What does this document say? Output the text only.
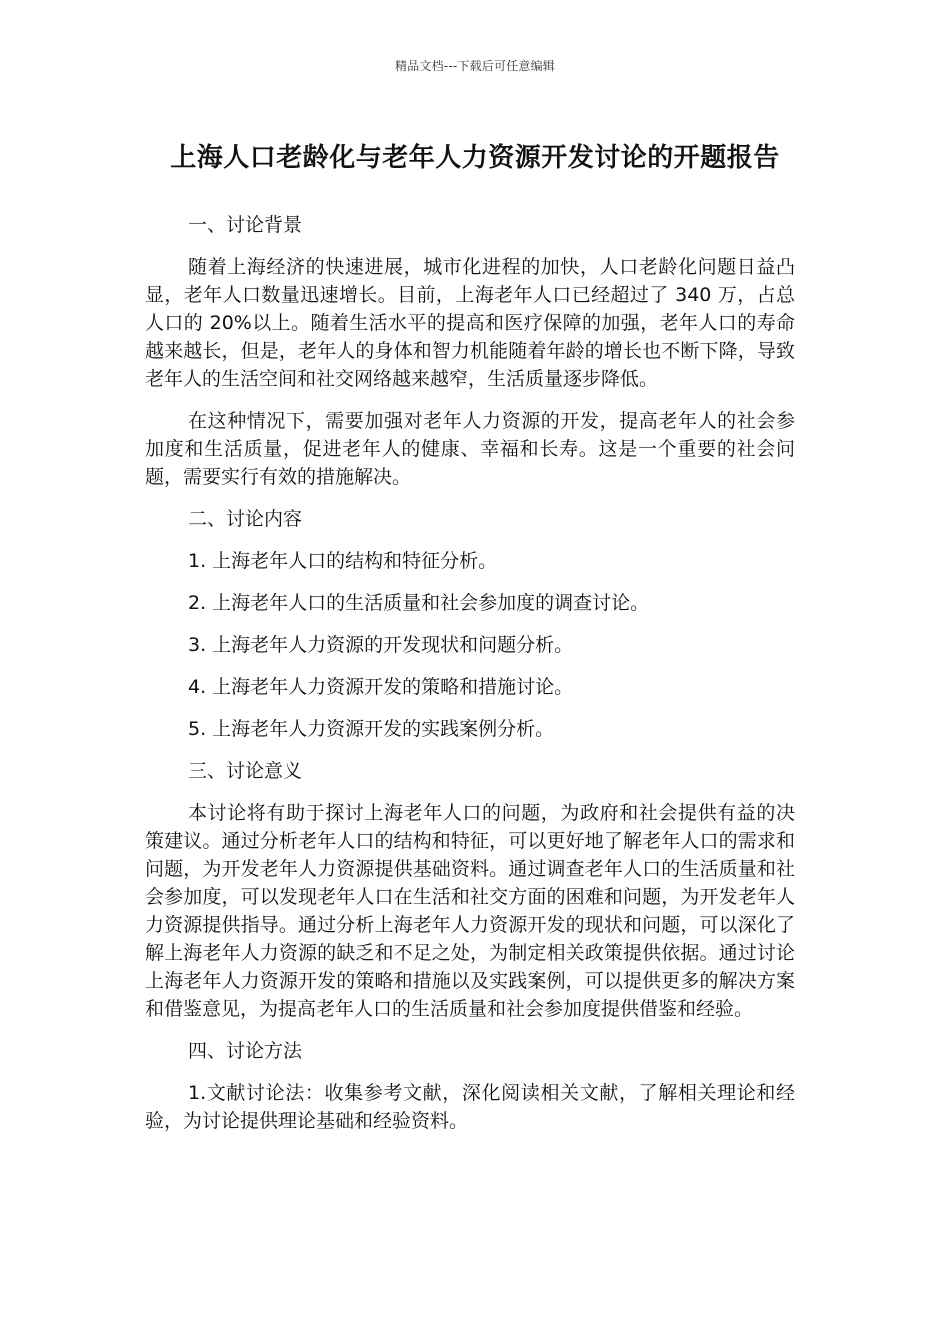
精品文档---下载后可任意编辑
上海人口老龄化与老年人力资源开发讨论的开题报告

一、讨论背景

随着上海经济的快速进展，城市化进程的加快，人口老龄化问题日益凸显，老年人口数量迅速增长。目前，上海老年人口已经超过了 340 万，占总人口的 20%以上。随着生活水平的提高和医疗保障的加强，老年人口的寿命越来越长，但是，老年人的身体和智力机能随着年龄的增长也不断下降，导致老年人的生活空间和社交网络越来越窄，生活质量逐步降低。

在这种情况下，需要加强对老年人力资源的开发，提高老年人的社会参加度和生活质量，促进老年人的健康、幸福和长寿。这是一个重要的社会问题，需要实行有效的措施解决。

二、讨论内容

1. 上海老年人口的结构和特征分析。

2. 上海老年人口的生活质量和社会参加度的调查讨论。

3. 上海老年人力资源的开发现状和问题分析。

4. 上海老年人力资源开发的策略和措施讨论。

5. 上海老年人力资源开发的实践案例分析。

三、讨论意义

本讨论将有助于探讨上海老年人口的问题，为政府和社会提供有益的决策建议。通过分析老年人口的结构和特征，可以更好地了解老年人口的需求和问题，为开发老年人力资源提供基础资料。通过调查老年人口的生活质量和社会参加度，可以发现老年人口在生活和社交方面的困难和问题，为开发老年人力资源提供指导。通过分析上海老年人力资源开发的现状和问题，可以深化了解上海老年人力资源的缺乏和不足之处，为制定相关政策提供依据。通过讨论上海老年人力资源开发的策略和措施以及实践案例，可以提供更多的解决方案和借鉴意见，为提高老年人口的生活质量和社会参加度提供借鉴和经验。

四、讨论方法

1.文献讨论法：收集参考文献，深化阅读相关文献，了解相关理论和经验，为讨论提供理论基础和经验资料。
